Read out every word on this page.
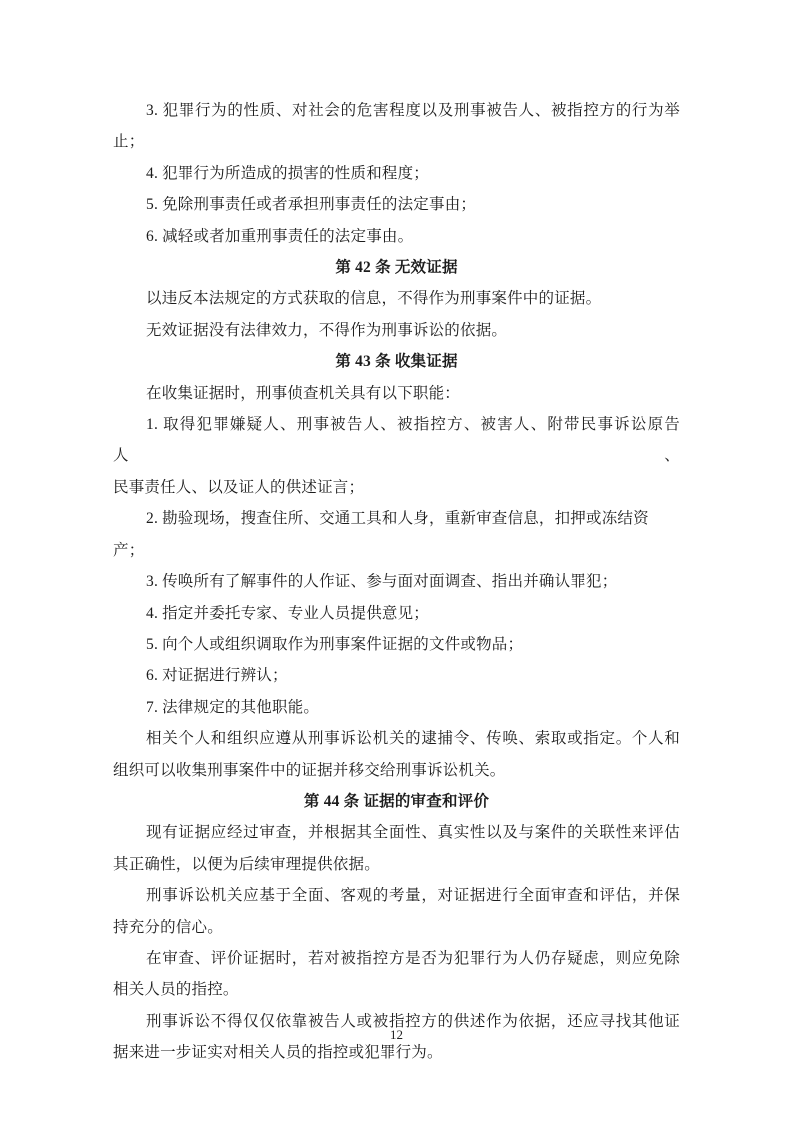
3. 犯罪行为的性质、对社会的危害程度以及刑事被告人、被指控方的行为举
止；
4. 犯罪行为所造成的损害的性质和程度；
5. 免除刑事责任或者承担刑事责任的法定事由；
6. 减轻或者加重刑事责任的法定事由。
第 42 条 无效证据
以违反本法规定的方式获取的信息，不得作为刑事案件中的证据。
无效证据没有法律效力，不得作为刑事诉讼的依据。
第 43 条 收集证据
在收集证据时，刑事侦查机关具有以下职能：
1. 取得犯罪嫌疑人、刑事被告人、被指控方、被害人、附带民事诉讼原告人、
民事责任人、以及证人的供述证言；
2. 勘验现场，搜查住所、交通工具和人身，重新审查信息，扣押或冻结资产；
3. 传唤所有了解事件的人作证、参与面对面调查、指出并确认罪犯；
4. 指定并委托专家、专业人员提供意见；
5. 向个人或组织调取作为刑事案件证据的文件或物品；
6. 对证据进行辨认；
7. 法律规定的其他职能。
相关个人和组织应遵从刑事诉讼机关的逮捕令、传唤、索取或指定。个人和
组织可以收集刑事案件中的证据并移交给刑事诉讼机关。
第 44 条 证据的审查和评价
现有证据应经过审查，并根据其全面性、真实性以及与案件的关联性来评估
其正确性，以便为后续审理提供依据。
刑事诉讼机关应基于全面、客观的考量，对证据进行全面审查和评估，并保
持充分的信心。
在审查、评价证据时，若对被指控方是否为犯罪行为人仍存疑虑，则应免除
相关人员的指控。
刑事诉讼不得仅仅依靠被告人或被指控方的供述作为依据，还应寻找其他证
据来进一步证实对相关人员的指控或犯罪行为。
12
